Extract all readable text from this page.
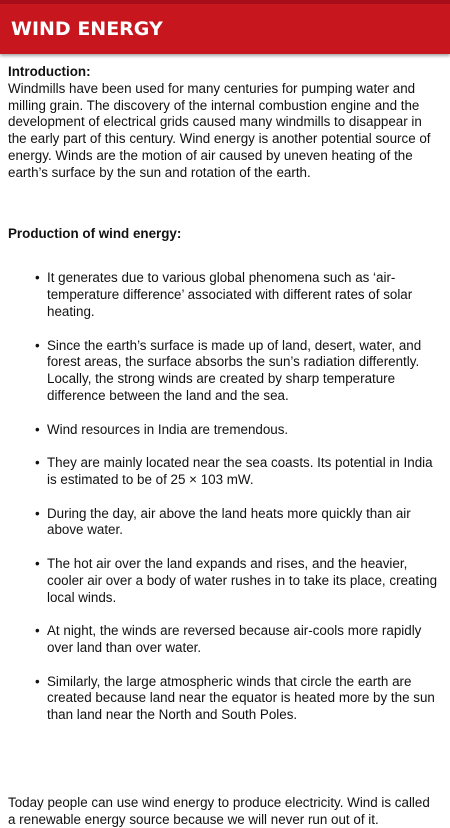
WIND ENERGY
Introduction:

Windmills have been used for many centuries for pumping water and milling grain. The discovery of the internal combustion engine and the development of electrical grids caused many windmills to disappear in the early part of this century. Wind energy is another potential source of energy. Winds are the motion of air caused by uneven heating of the earth’s surface by the sun and rotation of the earth.

Production of wind energy:
• It generates due to various global phenomena such as ‘air-temperature difference’ associated with different rates of solar heating.
• Since the earth’s surface is made up of land, desert, water, and forest areas, the surface absorbs the sun’s radiation differently. Locally, the strong winds are created by sharp temperature difference between the land and the sea.
• Wind resources in India are tremendous.
• They are mainly located near the sea coasts. Its potential in India is estimated to be of 25 × 103 mW.
• During the day, air above the land heats more quickly than air above water.
• The hot air over the land expands and rises, and the heavier, cooler air over a body of water rushes in to take its place, creating local winds.
• At night, the winds are reversed because air-cools more rapidly over land than over water.
• Similarly, the large atmospheric winds that circle the earth are created because land near the equator is heated more by the sun than land near the North and South Poles.

Today people can use wind energy to produce electricity. Wind is called a renewable energy source because we will never run out of it.
